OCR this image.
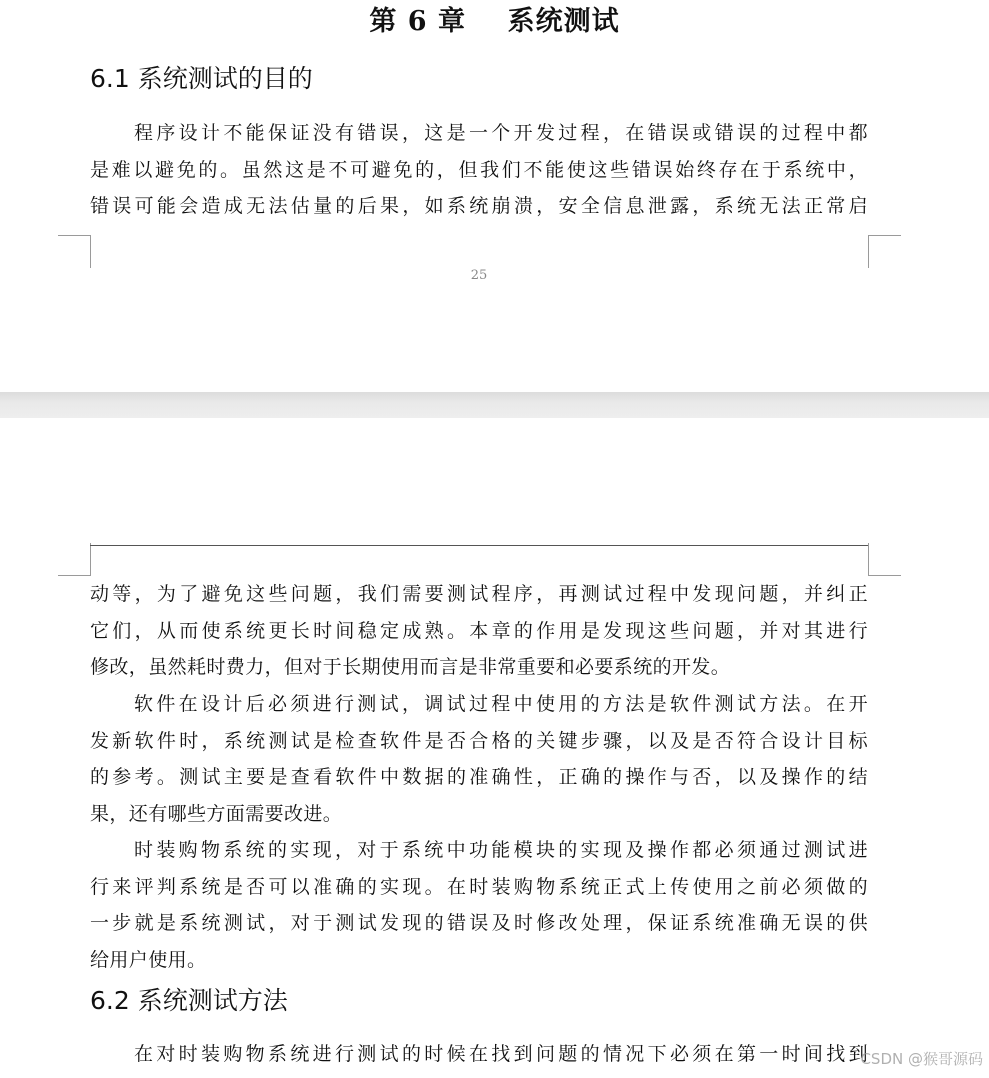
第 6 章    系统测试
6.1 系统测试的目的
程序设计不能保证没有错误，这是一个开发过程，在错误或错误的过程中都
是难以避免的。虽然这是不可避免的，但我们不能使这些错误始终存在于系统中，
错误可能会造成无法估量的后果，如系统崩溃，安全信息泄露，系统无法正常启
25
动等，为了避免这些问题，我们需要测试程序，再测试过程中发现问题，并纠正
它们，从而使系统更长时间稳定成熟。本章的作用是发现这些问题，并对其进行
修改，虽然耗时费力，但对于长期使用而言是非常重要和必要系统的开发。
软件在设计后必须进行测试，调试过程中使用的方法是软件测试方法。在开
发新软件时，系统测试是检查软件是否合格的关键步骤，以及是否符合设计目标
的参考。测试主要是查看软件中数据的准确性，正确的操作与否，以及操作的结
果，还有哪些方面需要改进。
时装购物系统的实现，对于系统中功能模块的实现及操作都必须通过测试进
行来评判系统是否可以准确的实现。在时装购物系统正式上传使用之前必须做的
一步就是系统测试，对于测试发现的错误及时修改处理，保证系统准确无误的供
给用户使用。
6.2 系统测试方法
在对时装购物系统进行测试的时候在找到问题的情况下必须在第一时间找到
CSDN @猴哥源码
